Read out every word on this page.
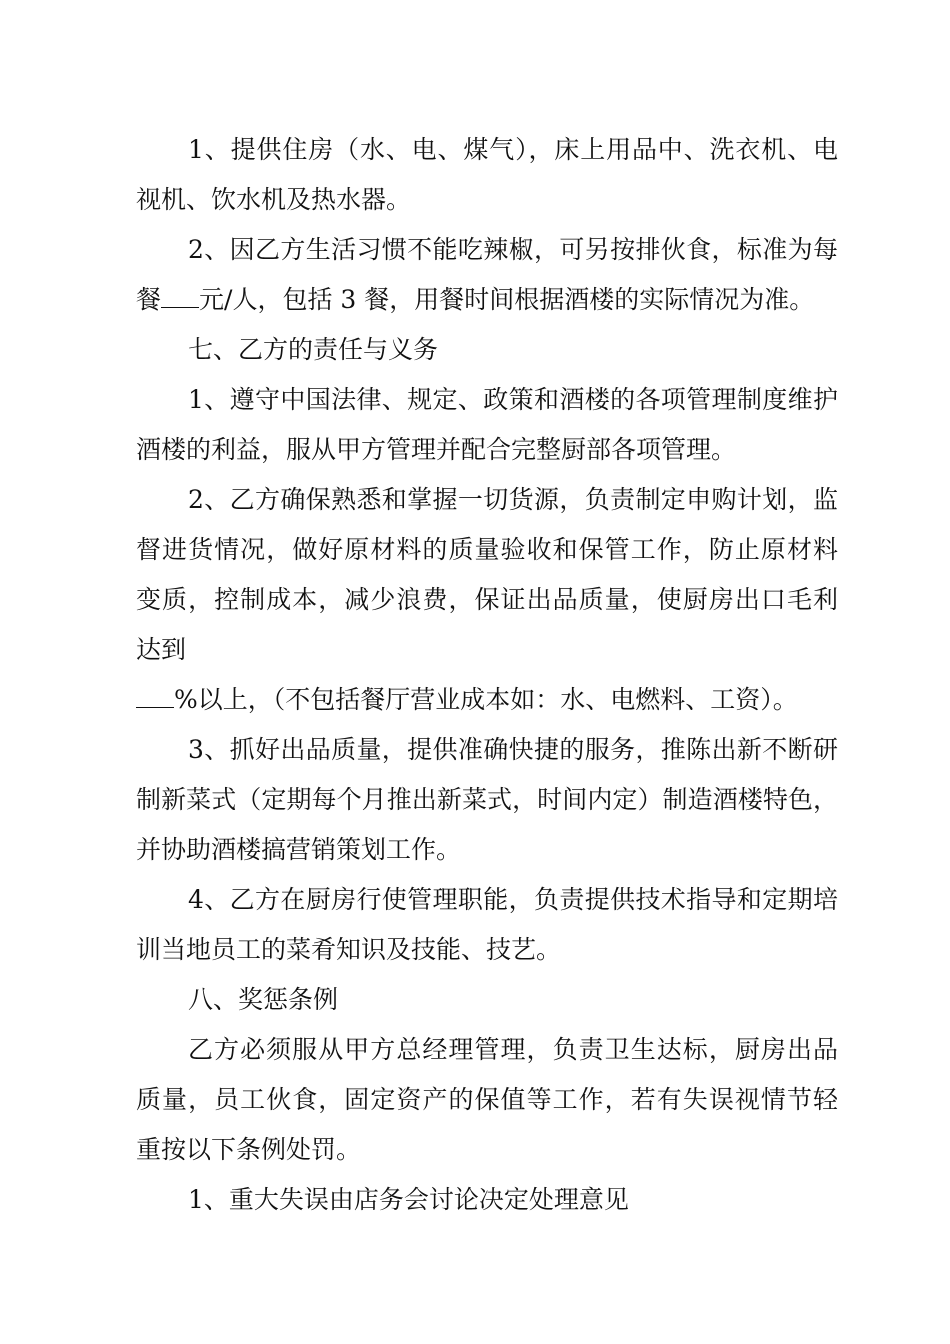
1、提供住房（水、电、煤气），床上用品中、洗衣机、电
视机、饮水机及热水器。
2、因乙方生活习惯不能吃辣椒，可另按排伙食，标准为每
餐 元/人，包括 3 餐，用餐时间根据酒楼的实际情况为准。
七、乙方的责任与义务
1、遵守中国法律、规定、政策和酒楼的各项管理制度维护
酒楼的利益，服从甲方管理并配合完整厨部各项管理。
2、乙方确保熟悉和掌握一切货源，负责制定申购计划，监
督进货情况，做好原材料的质量验收和保管工作，防止原材料
变质，控制成本，减少浪费，保证出品质量，使厨房出口毛利
达到
%以上，（不包括餐厅营业成本如：水、电燃料、工资）。
3、抓好出品质量，提供准确快捷的服务，推陈出新不断研
制新菜式（定期每个月推出新菜式，时间内定）制造酒楼特色，
并协助酒楼搞营销策划工作。
4、乙方在厨房行使管理职能，负责提供技术指导和定期培
训当地员工的菜肴知识及技能、技艺。
八、奖惩条例
乙方必须服从甲方总经理管理，负责卫生达标，厨房出品
质量，员工伙食，固定资产的保值等工作，若有失误视情节轻
重按以下条例处罚。
1、重大失误由店务会讨论决定处理意见
